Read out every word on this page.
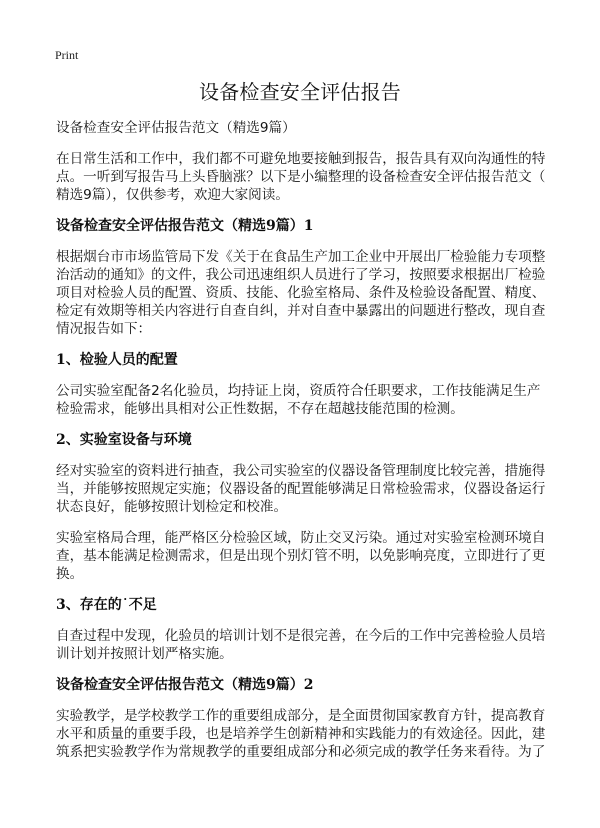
Print
设备检查安全评估报告

设备检查安全评估报告范文（精选9篇）

在日常生活和工作中，我们都不可避免地要接触到报告，报告具有双向沟通性的特
点。一听到写报告马上头昏脑涨？以下是小编整理的设备检查安全评估报告范文（
精选9篇），仅供参考，欢迎大家阅读。

设备检查安全评估报告范文（精选9篇）1

根据烟台市市场监管局下发《关于在食品生产加工企业中开展出厂检验能力专项整
治活动的通知》的文件，我公司迅速组织人员进行了学习，按照要求根据出厂检验
项目对检验人员的配置、资质、技能、化验室格局、条件及检验设备配置、精度、
检定有效期等相关内容进行自查自纠，并对自查中暴露出的问题进行整改，现自查
情况报告如下：

1、检验人员的配置

公司实验室配备2名化验员，均持证上岗，资质符合任职要求，工作技能满足生产
检验需求，能够出具相对公正性数据，不存在超越技能范围的检测。

2、实验室设备与环境

经对实验室的资料进行抽查，我公司实验室的仪器设备管理制度比较完善，措施得
当，并能够按照规定实施；仪器设备的配置能够满足日常检验需求，仪器设备运行
状态良好，能够按照计划检定和校准。

实验室格局合理，能严格区分检验区域，防止交叉污染。通过对实验室检测环境自
查，基本能满足检测需求，但是出现个别灯管不明，以免影响亮度，立即进行了更
换。

3、存在的˙不足

自查过程中发现，化验员的培训计划不是很完善，在今后的工作中完善检验人员培
训计划并按照计划严格实施。

设备检查安全评估报告范文（精选9篇）2

实验教学，是学校教学工作的重要组成部分，是全面贯彻国家教育方针，提高教育
水平和质量的重要手段，也是培养学生创新精神和实践能力的有效途径。因此，建
筑系把实验教学作为常规教学的重要组成部分和必须完成的教学任务来看待。为了
